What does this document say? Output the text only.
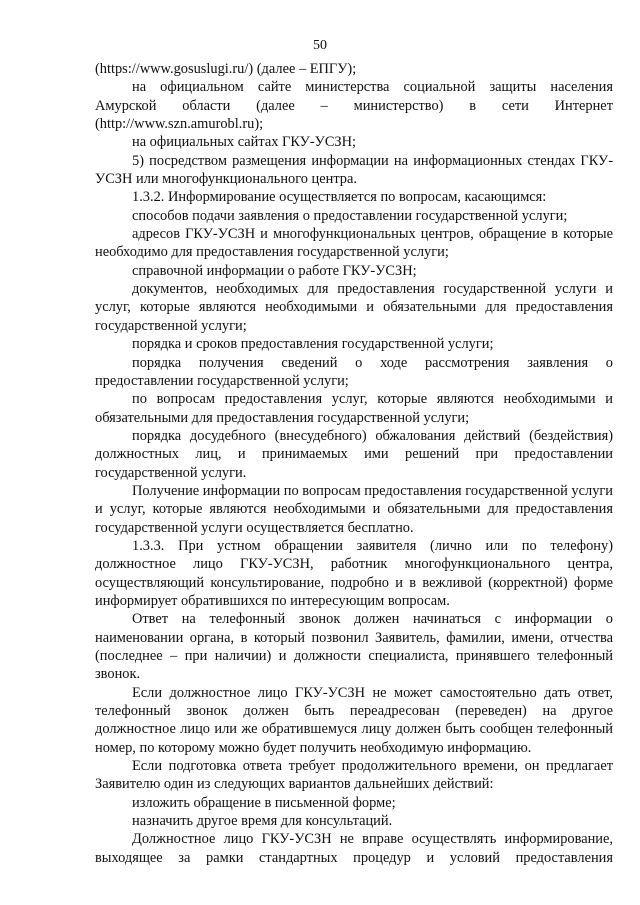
50

(https://www.gosuslugi.ru/) (далее – ЕПГУ);

на официальном сайте министерства социальной защиты населения Амурской области (далее – министерство) в сети Интернет (http://www.szn.amurobl.ru);

на официальных сайтах ГКУ-УСЗН;

5) посредством размещения информации на информационных стендах ГКУ-УСЗН или многофункционального центра.

1.3.2. Информирование осуществляется по вопросам, касающимся:

способов подачи заявления о предоставлении государственной услуги;

адресов ГКУ-УСЗН и многофункциональных центров, обращение в которые необходимо для предоставления государственной услуги;

справочной информации о работе ГКУ-УСЗН;

документов, необходимых для предоставления государственной услуги и услуг, которые являются необходимыми и обязательными для предоставления государственной услуги;

порядка и сроков предоставления государственной услуги;

порядка получения сведений о ходе рассмотрения заявления о предоставлении государственной услуги;

по вопросам предоставления услуг, которые являются необходимыми и обязательными для предоставления государственной услуги;

порядка досудебного (внесудебного) обжалования действий (бездействия) должностных лиц, и принимаемых ими решений при предоставлении государственной услуги.

Получение информации по вопросам предоставления государственной услуги и услуг, которые являются необходимыми и обязательными для предоставления государственной услуги осуществляется бесплатно.

1.3.3. При устном обращении заявителя (лично или по телефону) должностное лицо ГКУ-УСЗН, работник многофункционального центра, осуществляющий консультирование, подробно и в вежливой (корректной) форме информирует обратившихся по интересующим вопросам.

Ответ на телефонный звонок должен начинаться с информации о наименовании органа, в который позвонил Заявитель, фамилии, имени, отчества (последнее – при наличии) и должности специалиста, принявшего телефонный звонок.

Если должностное лицо ГКУ-УСЗН не может самостоятельно дать ответ, телефонный звонок должен быть переадресован (переведен) на другое должностное лицо или же обратившемуся лицу должен быть сообщен телефонный номер, по которому можно будет получить необходимую информацию.

Если подготовка ответа требует продолжительного времени, он предлагает Заявителю один из следующих вариантов дальнейших действий:

изложить обращение в письменной форме;

назначить другое время для консультаций.

Должностное лицо ГКУ-УСЗН не вправе осуществлять информирование, выходящее за рамки стандартных процедур и условий предоставления
